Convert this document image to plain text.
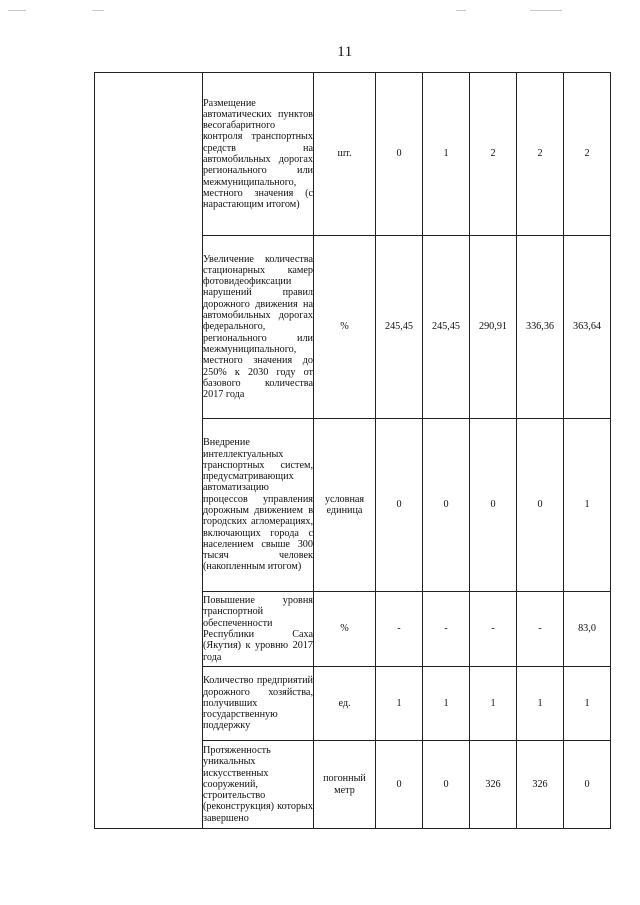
11
	Размещение автоматических пунктов весогабаритного контроля транспортных средств на автомобильных дорогах регионального или межмуниципального, местного значения (с нарастающим итогом)	шт.	0	1	2	2	2
	Увеличение количества стационарных камер фотовидеофиксации нарушений правил дорожного движения на автомобильных дорогах федерального, регионального или межмуниципального, местного значения до 250% к 2030 году от базового количества 2017 года	%	245,45	245,45	290,91	336,36	363,64
	Внедрение интеллектуальных транспортных систем, предусматривающих автоматизацию процессов управления дорожным движением в городских агломерациях, включающих города с населением свыше 300 тысяч человек (накопленным итогом)	условная единица	0	0	0	0	1
	Повышение уровня транспортной обеспеченности Республики Саха (Якутия) к уровню 2017 года	%	-	-	-	-	83,0
	Количество предприятий дорожного хозяйства, получивших государственную поддержку	ед.	1	1	1	1	1
	Протяженность уникальных искусственных сооружений, строительство (реконструкция) которых завершено	погонный метр	0	0	326	326	0
